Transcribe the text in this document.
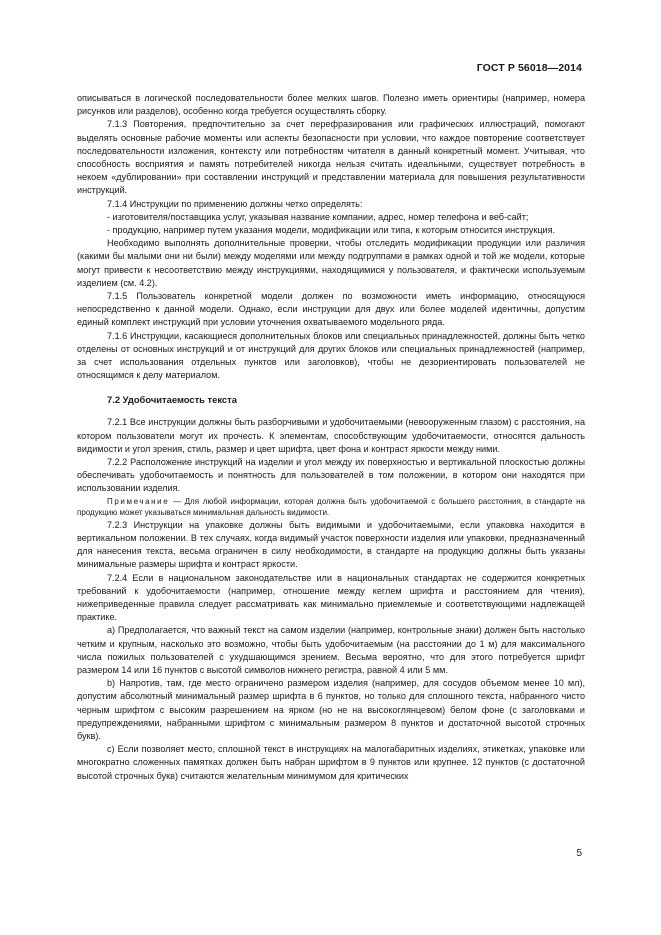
ГОСТ Р 56018—2014

описываться в логической последовательности более мелких шагов. Полезно иметь ориентиры (например, номера рисунков или разделов), особенно когда требуется осуществлять сборку.

7.1.3 Повторения, предпочтительно за счет перефразирования или графических иллюстраций, помогают выделять основные рабочие моменты или аспекты безопасности при условии, что каждое повторение соответствует последовательности изложения, контексту или потребностям читателя в данный конкретный момент. Учитывая, что способность восприятия и память потребителей никогда нельзя считать идеальными, существует потребность в некоем «дублировании» при составлении инструкций и представлении материала для повышения результативности инструкций.

7.1.4 Инструкции по применению должны четко определять:

- изготовителя/поставщика услуг, указывая название компании, адрес, номер телефона и веб-сайт;

- продукцию, например путем указания модели, модификации или типа, к которым относится инструкция.

Необходимо выполнять дополнительные проверки, чтобы отследить модификации продукции или различия (какими бы малыми они ни были) между моделями или между подгруппами в рамках одной и той же модели, которые могут привести к несоответствию между инструкциями, находящимися у пользователя, и фактически используемым изделием (см. 4.2).

7.1.5 Пользователь конкретной модели должен по возможности иметь информацию, относящуюся непосредственно к данной модели. Однако, если инструкции для двух или более моделей идентичны, допустим единый комплект инструкций при условии уточнения охватываемого модельного ряда.

7.1.6 Инструкции, касающиеся дополнительных блоков или специальных принадлежностей, должны быть четко отделены от основных инструкций и от инструкций для других блоков или специальных принадлежностей (например, за счет использования отдельных пунктов или заголовков), чтобы не дезориентировать пользователей не относящимся к делу материалом.

7.2 Удобочитаемость текста

7.2.1 Все инструкции должны быть разборчивыми и удобочитаемыми (невооруженным глазом) с расстояния, на котором пользователи могут их прочесть. К элементам, способствующим удобочитаемости, относятся дальность видимости и угол зрения, стиль, размер и цвет шрифта, цвет фона и контраст яркости между ними.

7.2.2 Расположение инструкций на изделии и угол между их поверхностью и вертикальной плоскостью должны обеспечивать удобочитаемость и понятность для пользователей в том положении, в котором они находятся при использовании изделия.

Примечание — Для любой информации, которая должна быть удобочитаемой с большего расстояния, в стандарте на продукцию может указываться минимальная дальность видимости.

7.2.3 Инструкции на упаковке должны быть видимыми и удобочитаемыми, если упаковка находится в вертикальном положении. В тех случаях, когда видимый участок поверхности изделия или упаковки, предназначенный для нанесения текста, весьма ограничен в силу необходимости, в стандарте на продукцию должны быть указаны минимальные размеры шрифта и контраст яркости.

7.2.4 Если в национальном законодательстве или в национальных стандартах не содержится конкретных требований к удобочитаемости (например, отношение между кеглем шрифта и расстоянием для чтения), нижеприведенные правила следует рассматривать как минимально приемлемые и соответствующими надлежащей практике.

a) Предполагается, что важный текст на самом изделии (например, контрольные знаки) должен быть настолько четким и крупным, насколько это возможно, чтобы быть удобочитаемым (на расстоянии до 1 м) для максимального числа пожилых пользователей с ухудшающимся зрением. Весьма вероятно, что для этого потребуется шрифт размером 14 или 16 пунктов с высотой символов нижнего регистра, равной 4 или 5 мм.

b) Напротив, там, где место ограничено размером изделия (например, для сосудов объемом менее 10 мл), допустим абсолютный минимальный размер шрифта в 6 пунктов, но только для сплошного текста, набранного чисто черным шрифтом с высоким разрешением на ярком (но не на высокоглянцевом) белом фоне (с заголовками и предупреждениями, набранными шрифтом с минимальным размером 8 пунктов и достаточной высотой строчных букв).

c) Если позволяет место, сплошной текст в инструкциях на малогабаритных изделиях, этикетках, упаковке или многократно сложенных памятках должен быть набран шрифтом в 9 пунктов или крупнее. 12 пунктов (с достаточной высотой строчных букв) считаются желательным минимумом для критических

5
